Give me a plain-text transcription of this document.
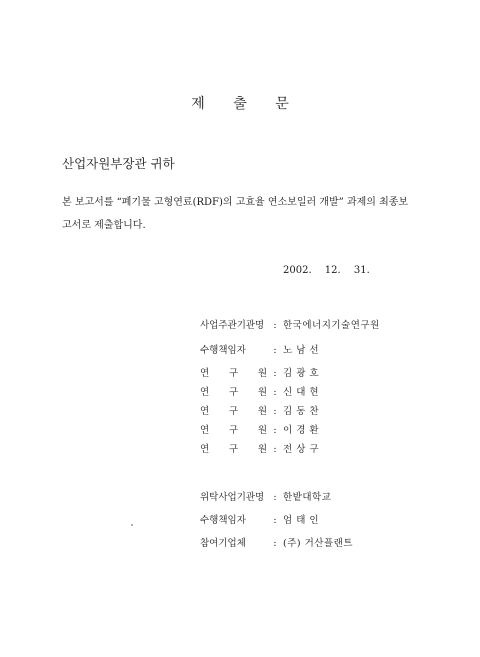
제 출 문
산업자원부장관 귀하
본 보고서를 “폐기물 고형연료(RDF)의 고효율 연소보일러 개발” 과제의 최종보
고서로 제출합니다.
2002. 12. 31.
사업주관기관명 : 한국에너지기술연구원
수행책임자	: 노 남 선
연 구 원 : 김 광 호
연 구 원 : 신 대 현
연 구 원 : 김 동 찬
연 구 원 : 이 경 환
연 구 원 : 전 상 구
위탁사업기관명 : 한밭대학교
수행책임자	: 엄 태 인
참여기업체	: (주) 거산플랜트
